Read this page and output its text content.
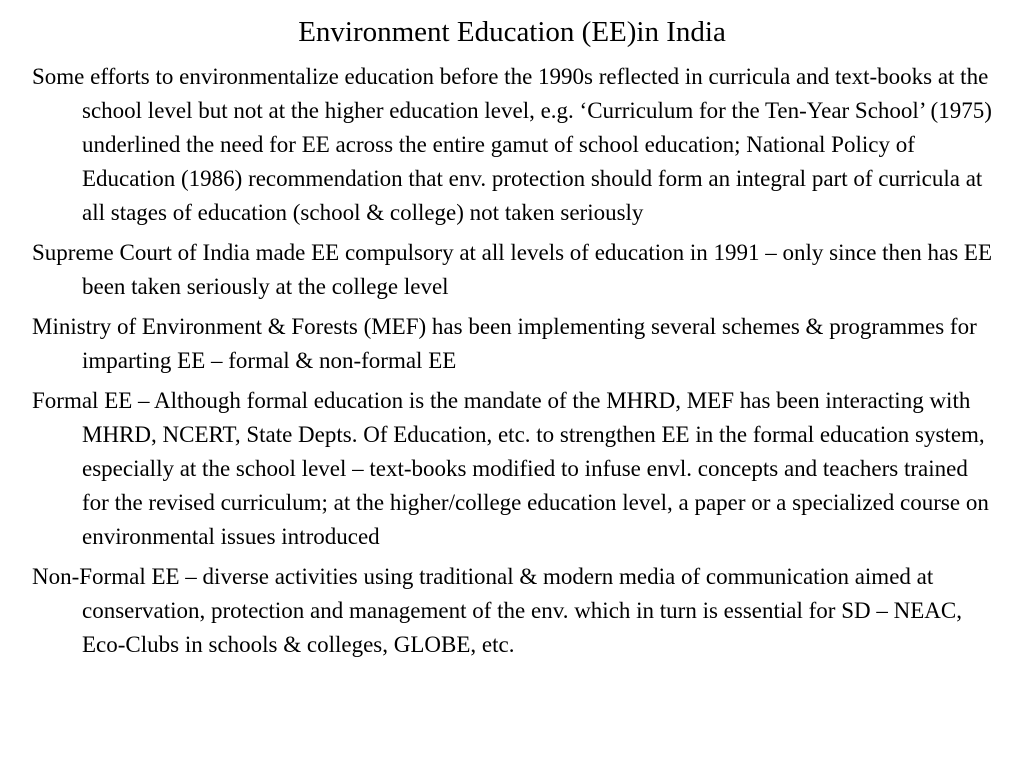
Environment Education (EE)in India
Some efforts to environmentalize education before the 1990s reflected in curricula and text-books at the school level but not at the higher education level, e.g. ‘Curriculum for the Ten-Year School’ (1975) underlined the need for EE across the entire gamut of school education; National Policy of Education (1986) recommendation that env. protection should form an integral part of curricula at all stages of education (school & college) not taken seriously
Supreme Court of India made EE compulsory at all levels of education in 1991 – only since then has EE been taken seriously at the college level
Ministry of Environment & Forests (MEF) has been implementing several schemes & programmes for imparting EE – formal & non-formal EE
Formal EE – Although formal education is the mandate of the MHRD, MEF has been interacting with MHRD, NCERT, State Depts. Of Education, etc. to strengthen EE in the formal education system, especially at the school level – text-books modified to infuse envl. concepts and teachers trained for the revised curriculum; at the higher/college education level, a paper or a specialized course on environmental issues introduced
Non-Formal EE – diverse activities using traditional & modern media of communication aimed at conservation, protection and management of the env. which in turn is essential for SD – NEAC, Eco-Clubs in schools & colleges, GLOBE, etc.
